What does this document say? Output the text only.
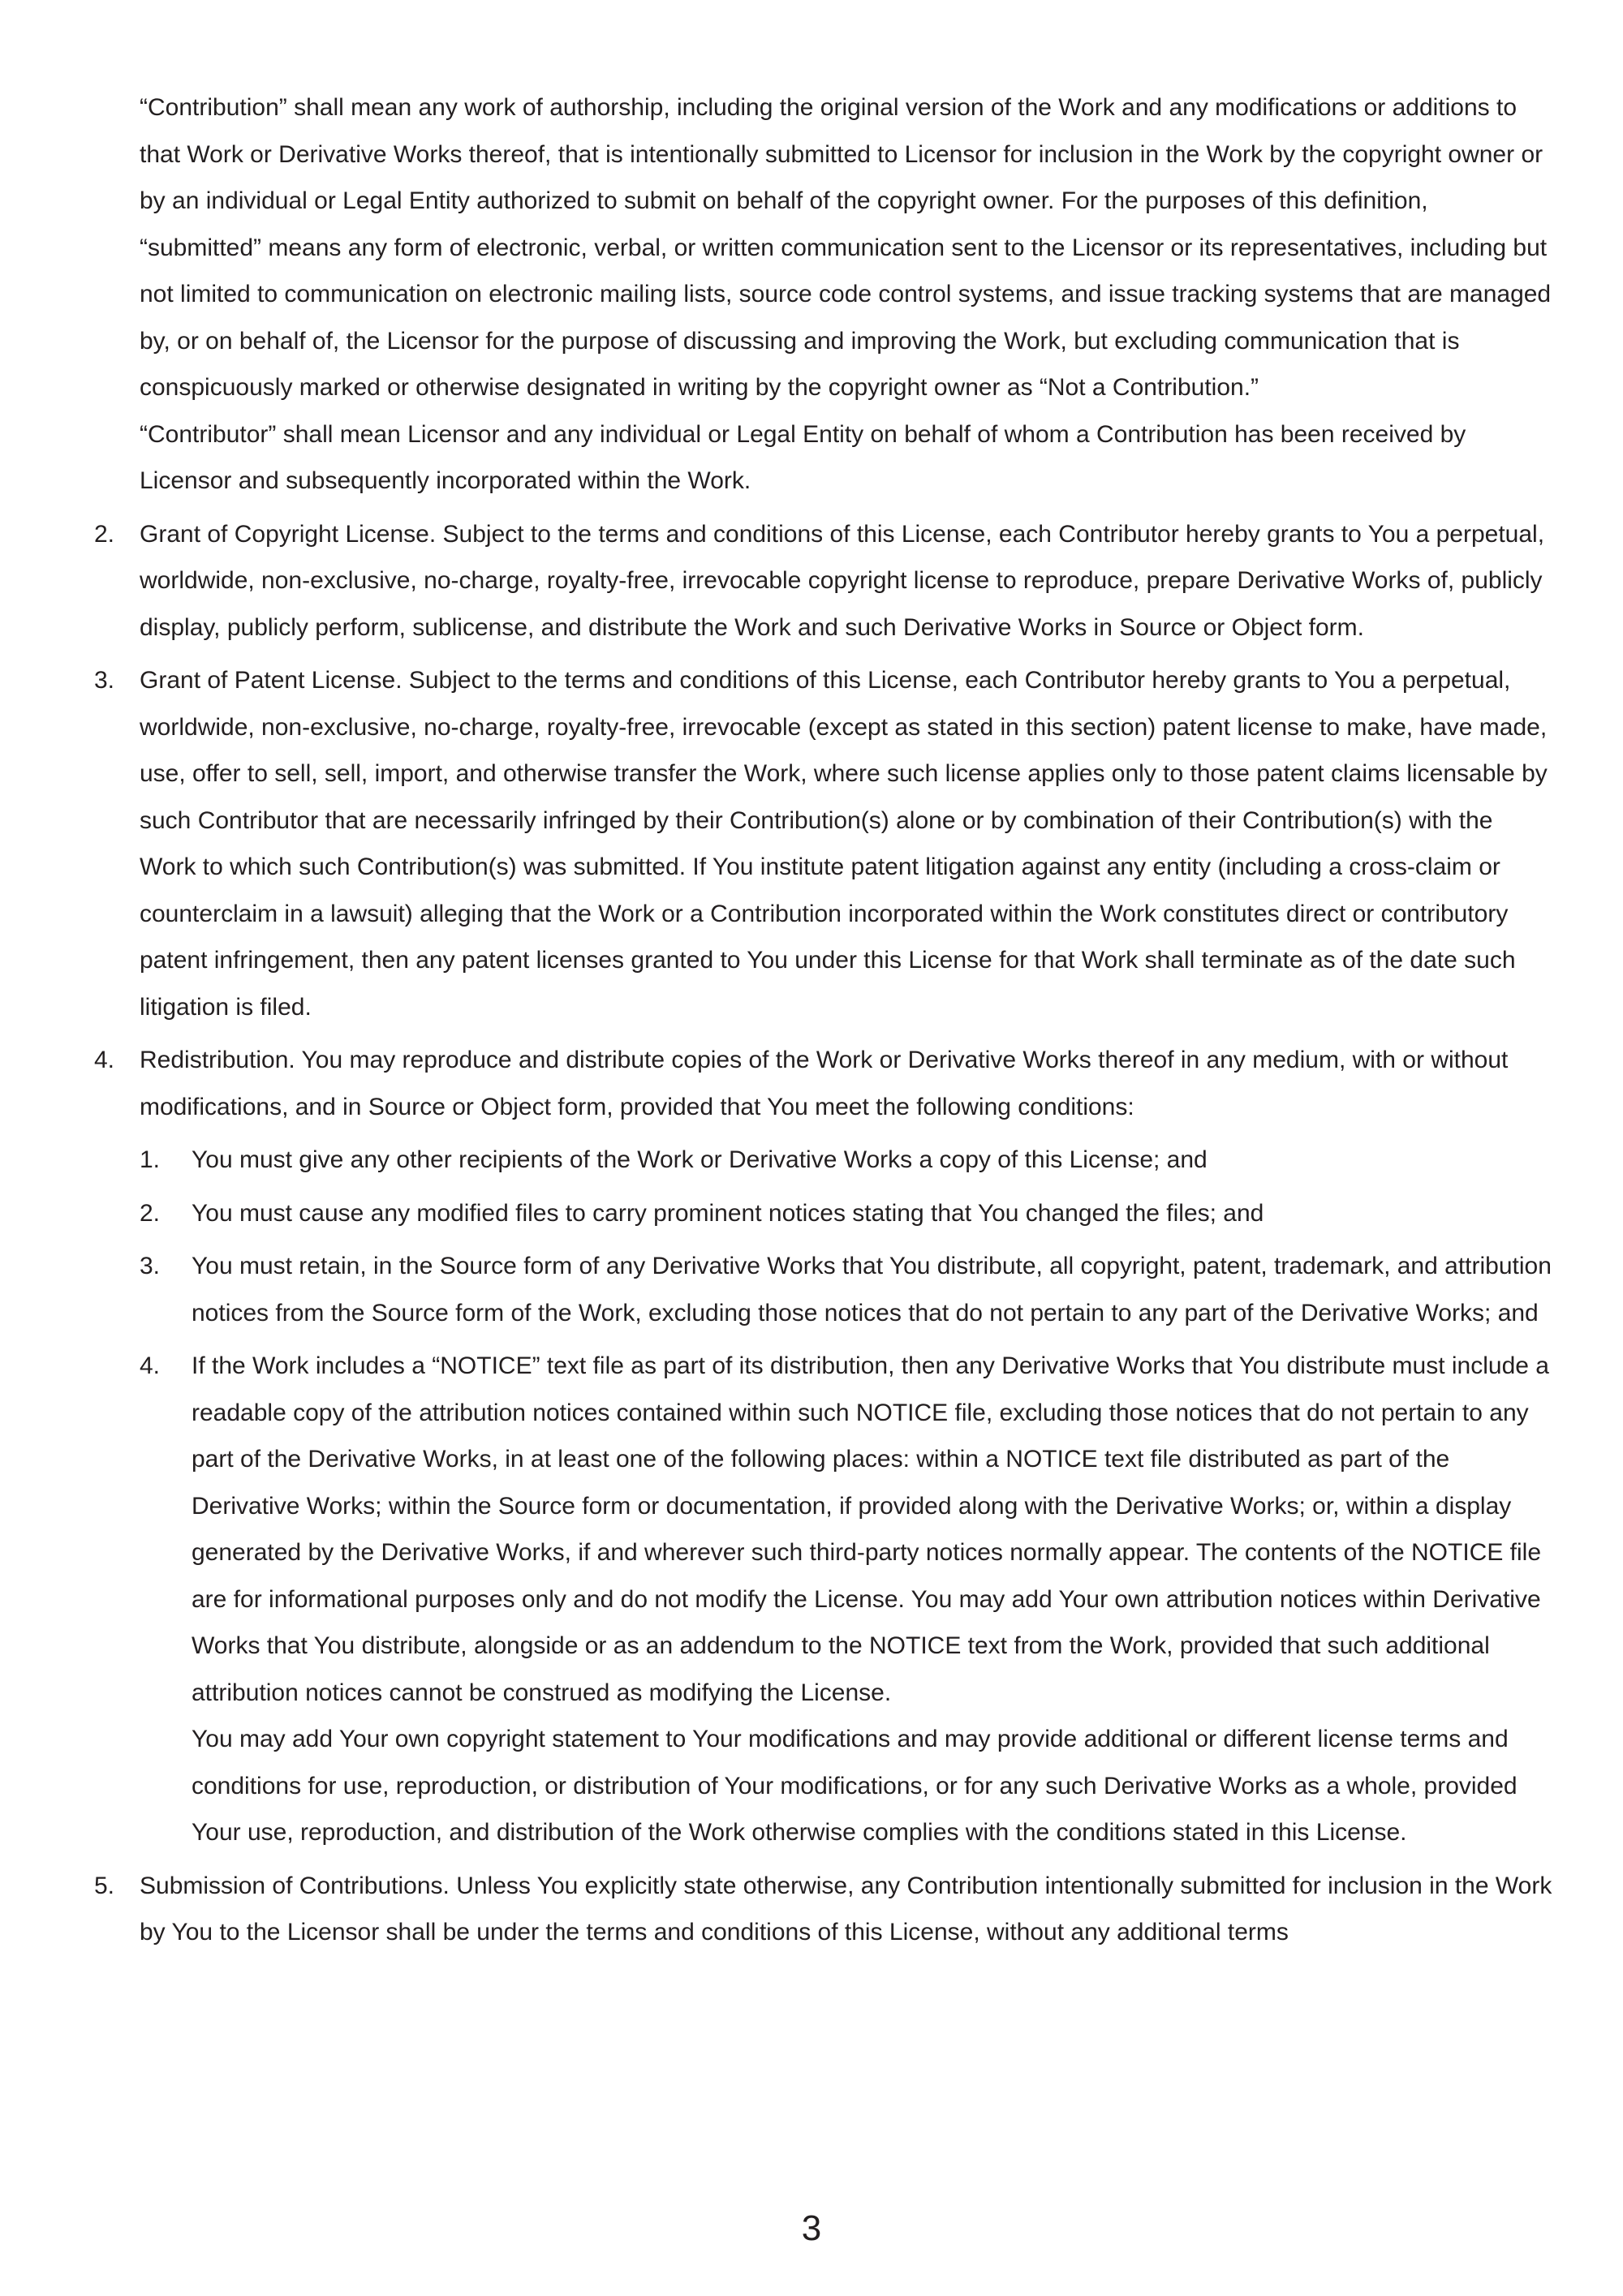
“Contribution” shall mean any work of authorship, including the original version of the Work and any modifications or additions to that Work or Derivative Works thereof, that is intentionally submitted to Licensor for inclusion in the Work by the copyright owner or by an individual or Legal Entity authorized to submit on behalf of the copyright owner. For the purposes of this definition, “submitted” means any form of electronic, verbal, or written communication sent to the Licensor or its representatives, including but not limited to communication on electronic mailing lists, source code control systems, and issue tracking systems that are managed by, or on behalf of, the Licensor for the purpose of discussing and improving the Work, but excluding communication that is conspicuously marked or otherwise designated in writing by the copyright owner as “Not a Contribution.”

“Contributor” shall mean Licensor and any individual or Legal Entity on behalf of whom a Contribution has been received by Licensor and subsequently incorporated within the Work.

2.	Grant of Copyright License. Subject to the terms and conditions of this License, each Contributor hereby grants to You a perpetual, worldwide, non-exclusive, no-charge, royalty-free, irrevocable copyright license to reproduce, prepare Derivative Works of, publicly display, publicly perform, sublicense, and distribute the Work and such Derivative Works in Source or Object form.
3.	Grant of Patent License. Subject to the terms and conditions of this License, each Contributor hereby grants to You a perpetual, worldwide, non-exclusive, no-charge, royalty-free, irrevocable (except as stated in this section) patent license to make, have made, use, offer to sell, sell, import, and otherwise transfer the Work, where such license applies only to those patent claims licensable by such Contributor that are necessarily infringed by their Contribution(s) alone or by combination of their Contribution(s) with the Work to which such Contribution(s) was submitted. If You institute patent litigation against any entity (including a cross-claim or counterclaim in a lawsuit) alleging that the Work or a Contribution incorporated within the Work constitutes direct or contributory patent infringement, then any patent licenses granted to You under this License for that Work shall terminate as of the date such litigation is filed.
4.	Redistribution. You may reproduce and distribute copies of the Work or Derivative Works thereof in any medium, with or without modifications, and in Source or Object form, provided that You meet the following conditions:
1.	You must give any other recipients of the Work or Derivative Works a copy of this License; and
2.	You must cause any modified files to carry prominent notices stating that You changed the files; and
3.	You must retain, in the Source form of any Derivative Works that You distribute, all copyright, patent, trademark, and attribution notices from the Source form of the Work, excluding those notices that do not pertain to any part of the Derivative Works; and
4.	If the Work includes a “NOTICE” text file as part of its distribution, then any Derivative Works that You distribute must include a readable copy of the attribution notices contained within such NOTICE file, excluding those notices that do not pertain to any part of the Derivative Works, in at least one of the following places: within a NOTICE text file distributed as part of the Derivative Works; within the Source form or documentation, if provided along with the Derivative Works; or, within a display generated by the Derivative Works, if and wherever such third-party notices normally appear. The contents of the NOTICE file are for informational purposes only and do not modify the License. You may add Your own attribution notices within Derivative Works that You distribute, alongside or as an addendum to the NOTICE text from the Work, provided that such additional attribution notices cannot be construed as modifying the License.
You may add Your own copyright statement to Your modifications and may provide additional or different license terms and conditions for use, reproduction, or distribution of Your modifications, or for any such Derivative Works as a whole, provided Your use, reproduction, and distribution of the Work otherwise complies with the conditions stated in this License.
5.	Submission of Contributions. Unless You explicitly state otherwise, any Contribution intentionally submitted for inclusion in the Work by You to the Licensor shall be under the terms and conditions of this License, without any additional terms
3
